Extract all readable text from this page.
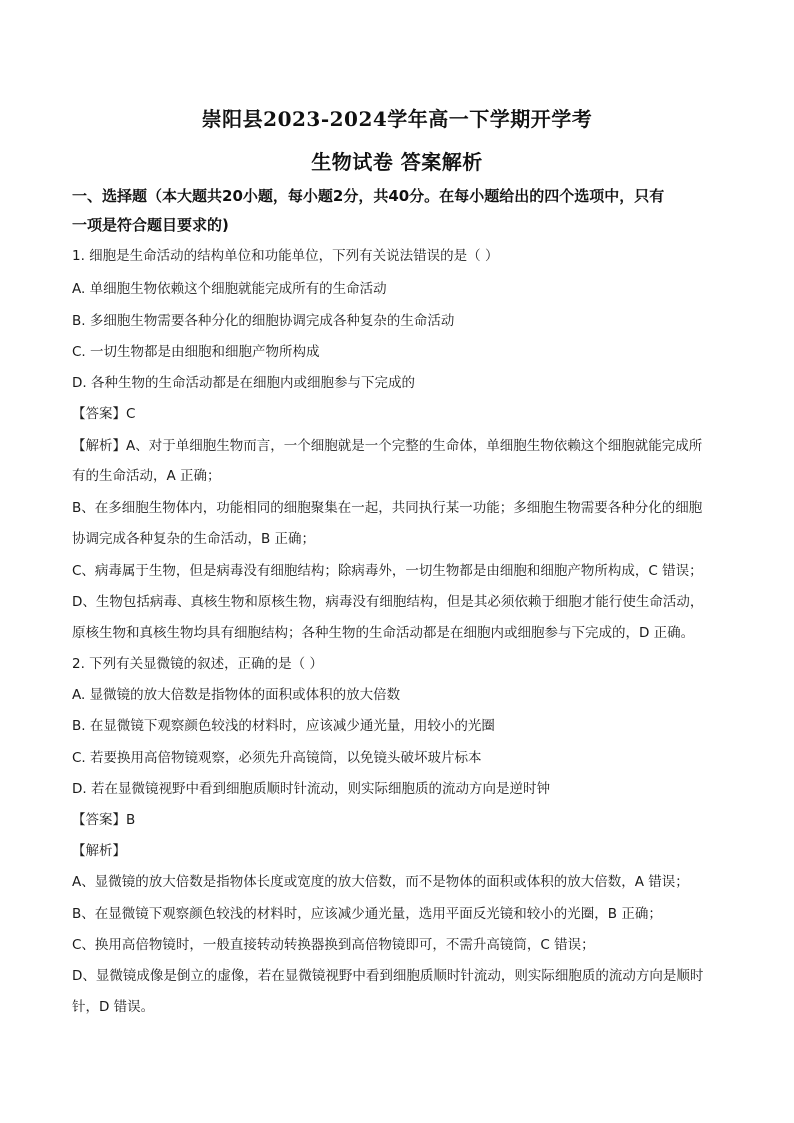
崇阳县2023-2024学年高一下学期开学考
生物试卷 答案解析
一、选择题（本大题共20小题，每小题2分，共40分。在每小题给出的四个选项中，只有
一项是符合题目要求的)
1. 细胞是生命活动的结构单位和功能单位，下列有关说法错误的是（ ）
A. 单细胞生物依赖这个细胞就能完成所有的生命活动
B. 多细胞生物需要各种分化的细胞协调完成各种复杂的生命活动
C. 一切生物都是由细胞和细胞产物所构成
D. 各种生物的生命活动都是在细胞内或细胞参与下完成的
【答案】C
【解析】A、对于单细胞生物而言，一个细胞就是一个完整的生命体，单细胞生物依赖这个细胞就能完成所
有的生命活动，A 正确；
B、在多细胞生物体内，功能相同的细胞聚集在一起，共同执行某一功能；多细胞生物需要各种分化的细胞
协调完成各种复杂的生命活动，B 正确；
C、病毒属于生物，但是病毒没有细胞结构；除病毒外，一切生物都是由细胞和细胞产物所构成，C 错误；
D、生物包括病毒、真核生物和原核生物，病毒没有细胞结构，但是其必须依赖于细胞才能行使生命活动，
原核生物和真核生物均具有细胞结构；各种生物的生命活动都是在细胞内或细胞参与下完成的，D 正确。
2. 下列有关显微镜的叙述，正确的是（ ）
A. 显微镜的放大倍数是指物体的面积或体积的放大倍数
B. 在显微镜下观察颜色较浅的材料时，应该减少通光量，用较小的光圈
C. 若要换用高倍物镜观察，必须先升高镜筒，以免镜头破坏玻片标本
D. 若在显微镜视野中看到细胞质顺时针流动，则实际细胞质的流动方向是逆时钟
【答案】B
【解析】
A、显微镜的放大倍数是指物体长度或宽度的放大倍数，而不是物体的面积或体积的放大倍数，A 错误；
B、在显微镜下观察颜色较浅的材料时，应该减少通光量，选用平面反光镜和较小的光圈，B 正确；
C、换用高倍物镜时，一般直接转动转换器换到高倍物镜即可，不需升高镜筒，C 错误；
D、显微镜成像是倒立的虚像，若在显微镜视野中看到细胞质顺时针流动，则实际细胞质的流动方向是顺时
针，D 错误。
